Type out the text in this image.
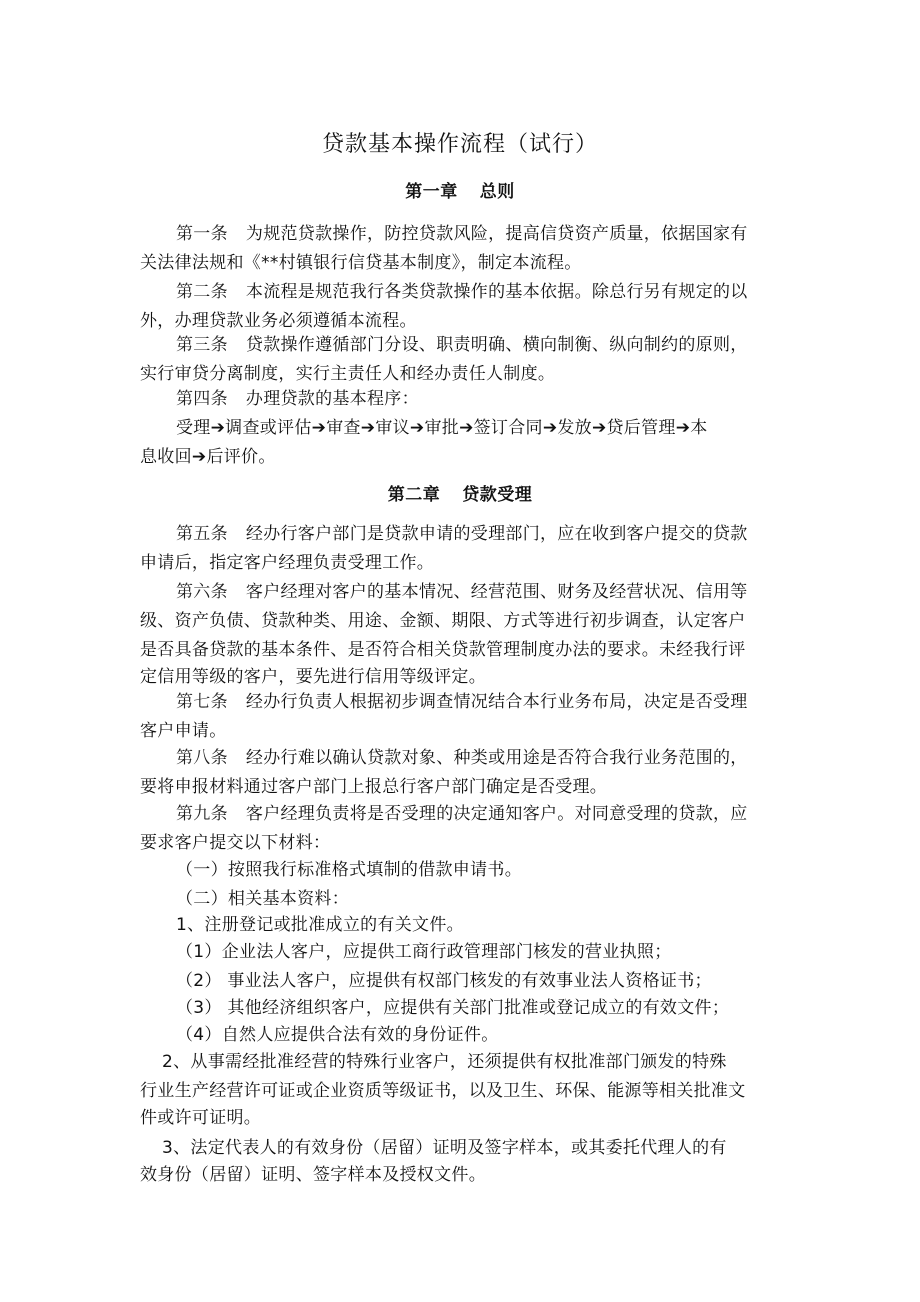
贷款基本操作流程（试行）
第一章 总则
第一条 为规范贷款操作，防控贷款风险，提高信贷资产质量，依据国家有
关法律法规和《**村镇银行信贷基本制度》，制定本流程。
第二条 本流程是规范我行各类贷款操作的基本依据。除总行另有规定的以
外，办理贷款业务必须遵循本流程。
第三条 贷款操作遵循部门分设、职责明确、横向制衡、纵向制约的原则，
实行审贷分离制度，实行主责任人和经办责任人制度。
第四条 办理贷款的基本程序：
受理➔调查或评估➔审查➔审议➔审批➔签订合同➔发放➔贷后管理➔本
息收回➔后评价。
第二章 贷款受理
第五条 经办行客户部门是贷款申请的受理部门，应在收到客户提交的贷款
申请后，指定客户经理负责受理工作。
第六条 客户经理对客户的基本情况、经营范围、财务及经营状况、信用等
级、资产负债、贷款种类、用途、金额、期限、方式等进行初步调查，认定客户
是否具备贷款的基本条件、是否符合相关贷款管理制度办法的要求。未经我行评
定信用等级的客户，要先进行信用等级评定。
第七条 经办行负责人根据初步调查情况结合本行业务布局，决定是否受理
客户申请。
第八条 经办行难以确认贷款对象、种类或用途是否符合我行业务范围的，
要将申报材料通过客户部门上报总行客户部门确定是否受理。
第九条 客户经理负责将是否受理的决定通知客户。对同意受理的贷款，应
要求客户提交以下材料：
（一）按照我行标准格式填制的借款申请书。
（二）相关基本资料：
1、注册登记或批准成立的有关文件。
（1）企业法人客户，应提供工商行政管理部门核发的营业执照；
（2） 事业法人客户，应提供有权部门核发的有效事业法人资格证书；
（3） 其他经济组织客户，应提供有关部门批准或登记成立的有效文件；
（4）自然人应提供合法有效的身份证件。
2、从事需经批准经营的特殊行业客户，还须提供有权批准部门颁发的特殊
行业生产经营许可证或企业资质等级证书，以及卫生、环保、能源等相关批准文
件或许可证明。
3、法定代表人的有效身份（居留）证明及签字样本，或其委托代理人的有
效身份（居留）证明、签字样本及授权文件。
